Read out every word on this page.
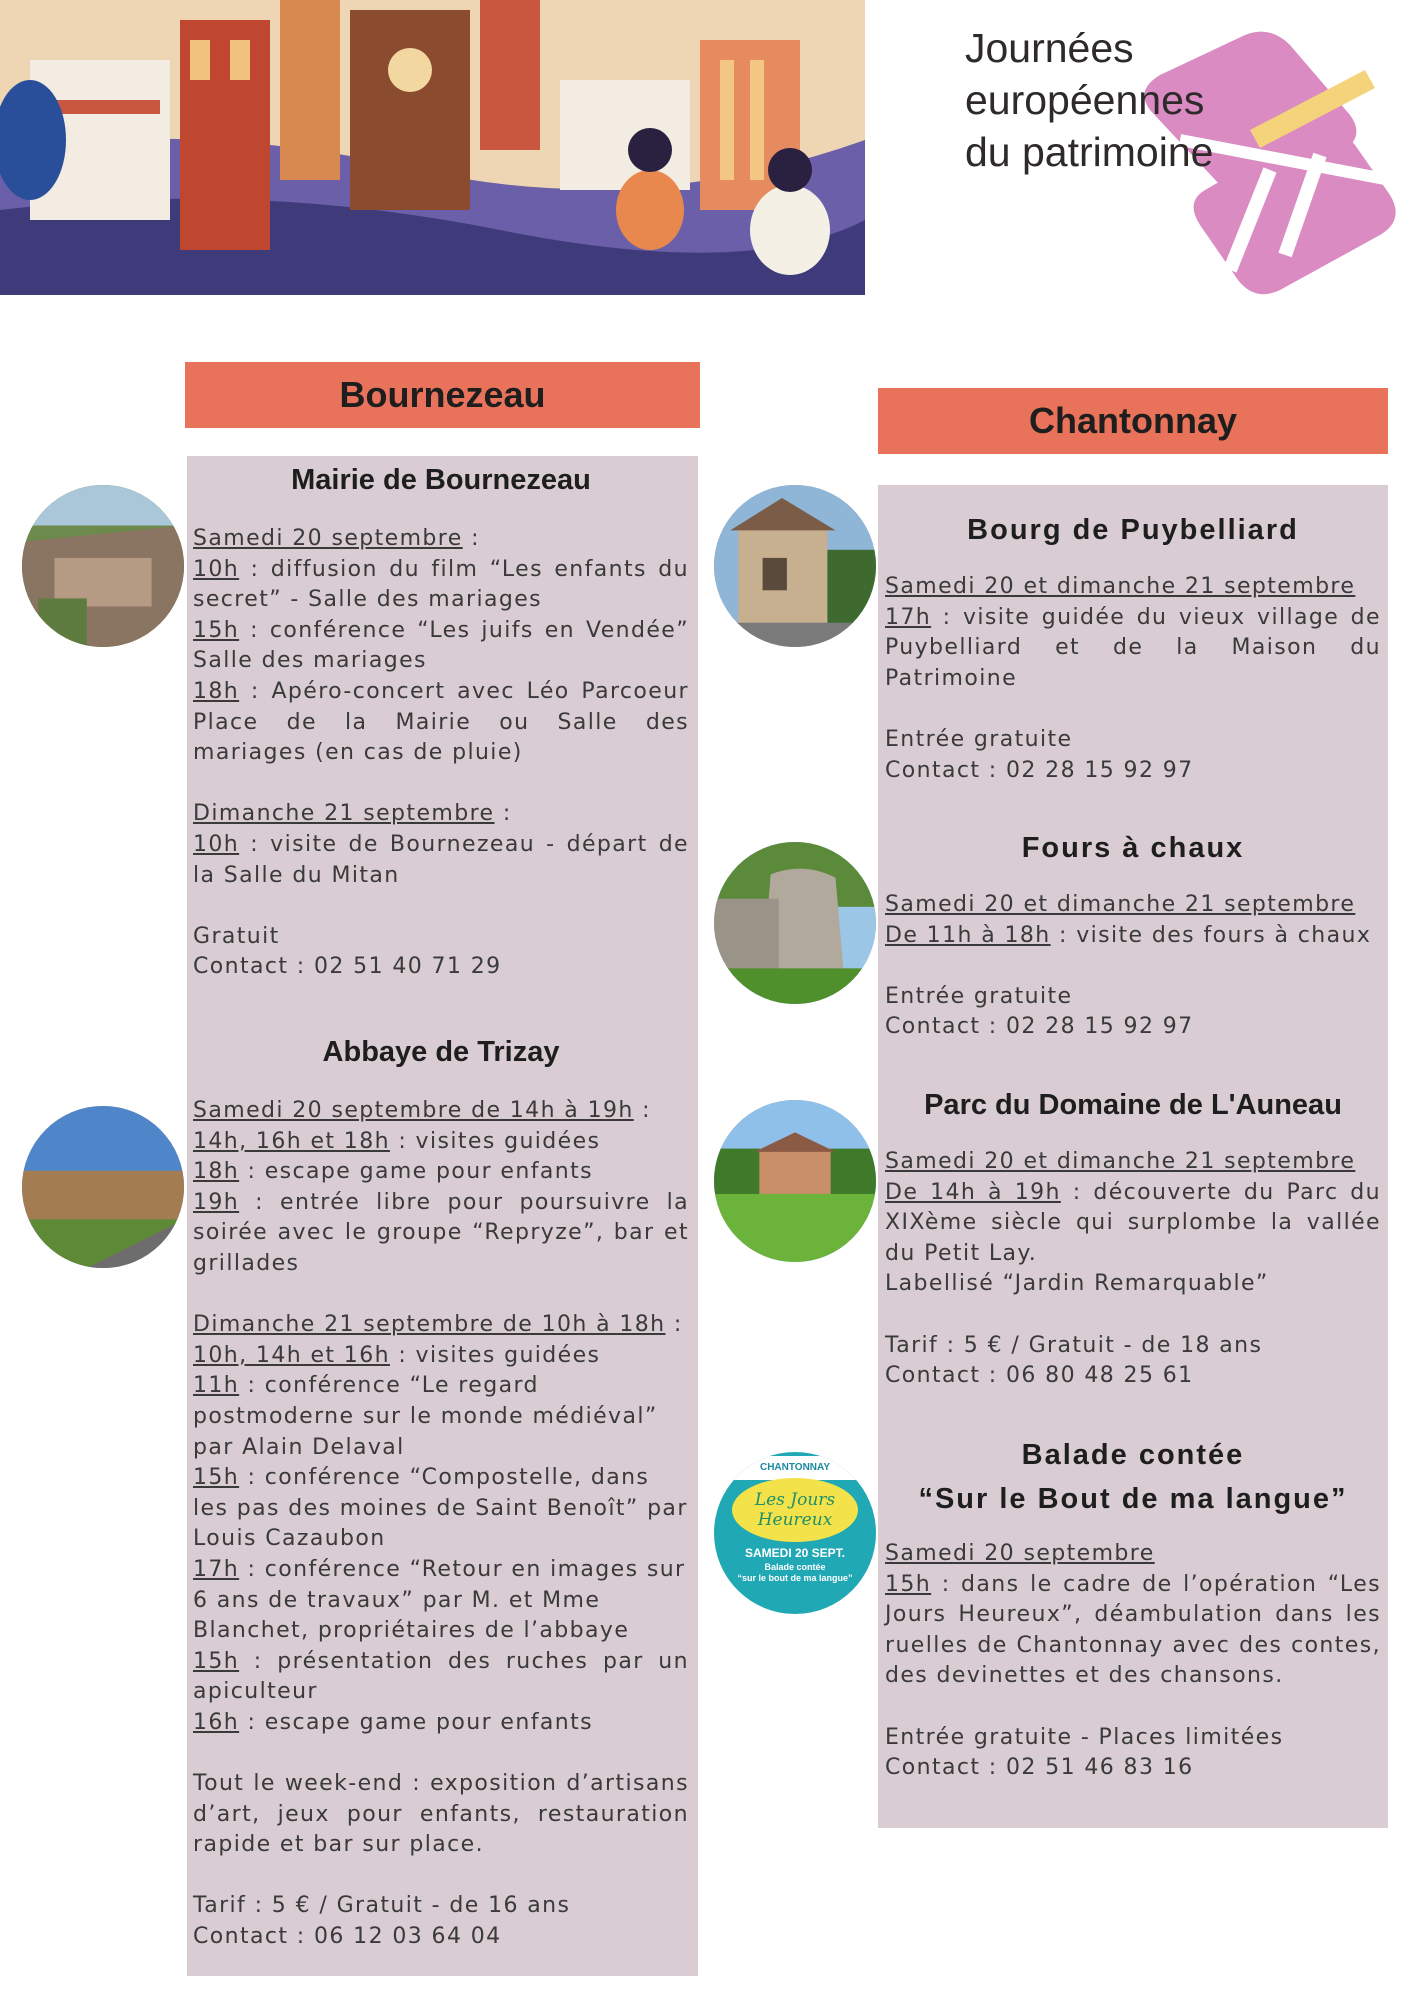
Journées
européennes
du patrimoine
Bournezeau
Mairie de Bournezeau

Samedi 20 septembre :

10h : diffusion du film “Les enfants du secret” - Salle des mariages

15h : conférence “Les juifs en Vendée” Salle des mariages

18h : Apéro-concert avec Léo Parcoeur Place de la Mairie ou Salle des mariages (en cas de pluie)

Dimanche 21 septembre :

10h : visite de Bournezeau - départ de la Salle du Mitan

Gratuit

Contact : 02 51 40 71 29

Abbaye de Trizay

Samedi 20 septembre de 14h à 19h :

14h, 16h et 18h : visites guidées

18h : escape game pour enfants

19h : entrée libre pour poursuivre la soirée avec le groupe “Repryze”, bar et grillades

Dimanche 21 septembre de 10h à 18h :

10h, 14h et 16h : visites guidées

11h : conférence “Le regard postmoderne sur le monde médiéval” par Alain Delaval

15h : conférence “Compostelle, dans les pas des moines de Saint Benoît” par Louis Cazaubon

17h : conférence “Retour en images sur 6 ans de travaux” par M. et Mme Blanchet, propriétaires de l’abbaye

15h : présentation des ruches par un apiculteur

16h : escape game pour enfants

Tout le week-end : exposition d’artisans d’art, jeux pour enfants, restauration rapide et bar sur place.

Tarif : 5 € / Gratuit - de 16 ans

Contact : 06 12 03 64 04

Chantonnay
Bourg de Puybelliard

Samedi 20 et dimanche 21 septembre

17h : visite guidée du vieux village de Puybelliard et de la Maison du Patrimoine

Entrée gratuite

Contact : 02 28 15 92 97

Fours à chaux

Samedi 20 et dimanche 21 septembre

De 11h à 18h : visite des fours à chaux

Entrée gratuite

Contact : 02 28 15 92 97

Parc du Domaine de L'Auneau

Samedi 20 et dimanche 21 septembre

De 14h à 19h : découverte du Parc du XIXème siècle qui surplombe la vallée du Petit Lay.

Labellisé “Jardin Remarquable”

Tarif : 5 € / Gratuit - de 18 ans

Contact : 06 80 48 25 61

Balade contée
“Sur le Bout de ma langue”

Samedi 20 septembre

15h : dans le cadre de l’opération “Les Jours Heureux”, déambulation dans les ruelles de Chantonnay avec des contes, des devinettes et des chansons.

Entrée gratuite - Places limitées

Contact : 02 51 46 83 16

CHANTONNAY
Les Jours Heureux
SAMEDI 20 SEPT.
Balade contée
“sur le bout de ma langue”
